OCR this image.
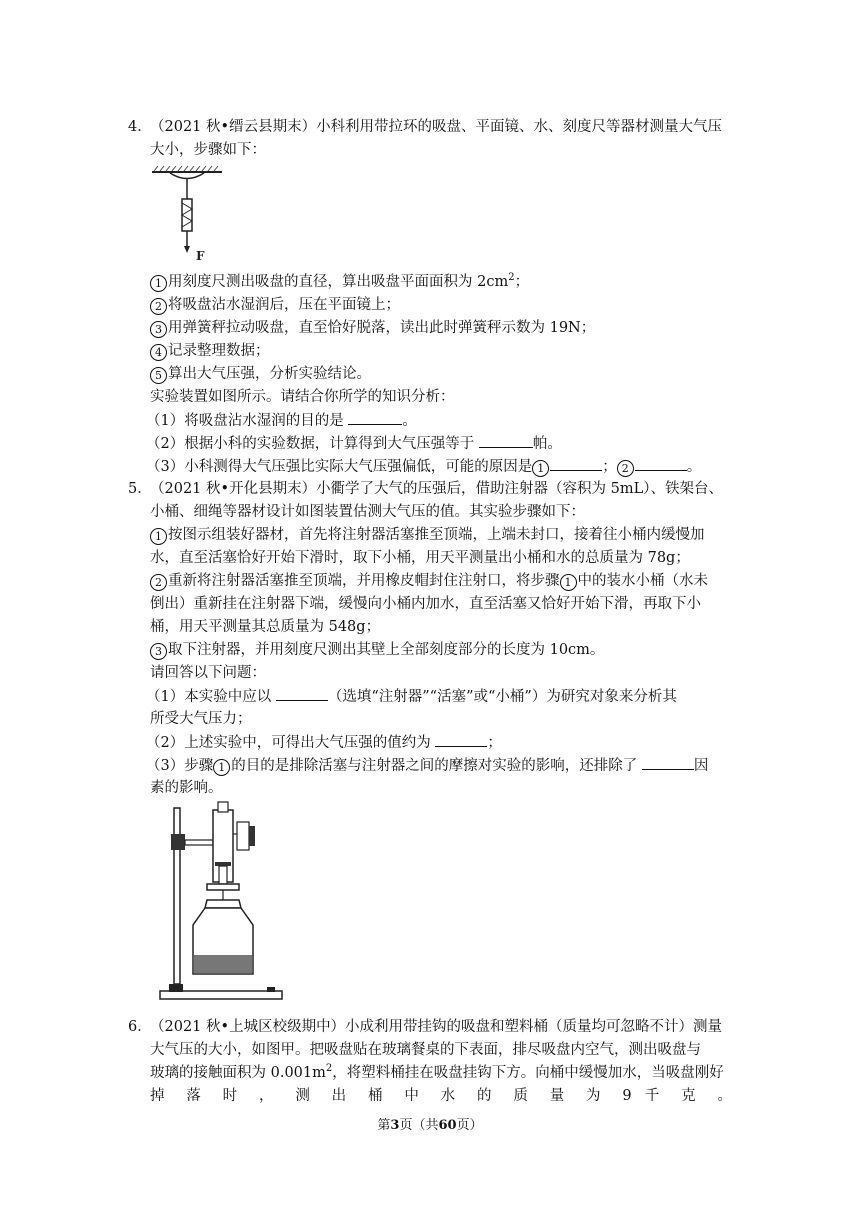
4．
（2021 秋•缙云县期末）小科利用带拉环的吸盘、平面镜、水、刻度尺等器材测量大气压
大小，步骤如下：
F
1 用刻度尺测出吸盘的直径，算出吸盘平面面积为 $2cm^2$；
2 将吸盘沾水湿润后，压在平面镜上；
3 用弹簧秤拉动吸盘，直至恰好脱落，读出此时弹簧秤示数为 19N；
4 记录整理数据；
5 算出大气压强，分析实验结论。
实验装置如图所示。请结合你所学的知识分析：
（1）将吸盘沾水湿润的目的是	。
（2）根据小科的实验数据，计算得到大气压强等于	帕。
（3）小科测得大气压强比实际大气压强偏低，可能的原因是 1	； 2	。
5．
（2021 秋•开化县期末）小衢学了大气的压强后，借助注射器（容积为 5mL）、铁架台、
小桶、细绳等器材设计如图装置估测大气压的值。其实验步骤如下：
1 按图示组装好器材，首先将注射器活塞推至顶端，上端未封口，接着往小桶内缓慢加
水，直至活塞恰好开始下滑时，取下小桶，用天平测量出小桶和水的总质量为 78g；
2 重新将注射器活塞推至顶端，并用橡皮帽封住注射口，将步骤 1 中的装水小桶（水未
倒出）重新挂在注射器下端，缓慢向小桶内加水，直至活塞又恰好开始下滑，再取下小
桶，用天平测量其总质量为 548g；
3 取下注射器，并用刻度尺测出其壁上全部刻度部分的长度为 10cm。
请回答以下问题：
（1）本实验中应以	（选填“注射器”“活塞”或“小桶”）为研究对象来分析其
所受大气压力；
（2）上述实验中，可得出大气压强的值约为	；
（3）步骤 1 的目的是排除活塞与注射器之间的摩擦对实验的影响，还排除了	因
素的影响。
6．
（2021 秋•上城区校级期中）小成利用带挂钩的吸盘和塑料桶（质量均可忽略不计）测量
大气压的大小，如图甲。把吸盘贴在玻璃餐桌的下表面，排尽吸盘内空气，测出吸盘与
玻璃的接触面积为 $0.001m^2$，将塑料桶挂在吸盘挂钩下方。向桶中缓慢加水，当吸盘刚好
掉 落 时 ， 测 出 桶 中 水 的 质 量 为 9 千 克 。
第3页（共60页）
